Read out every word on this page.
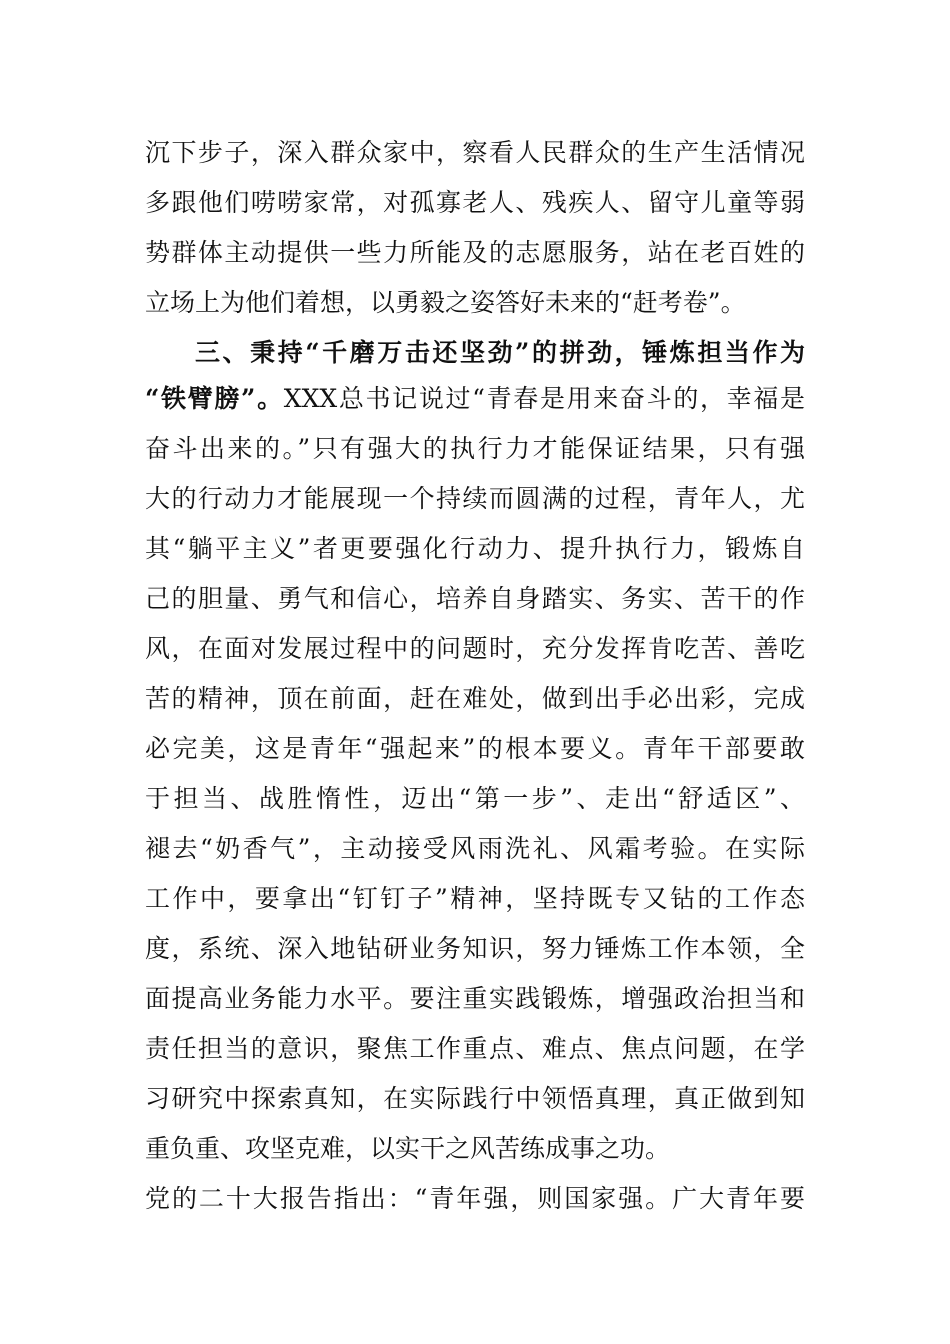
沉下步子，深入群众家中，察看人民群众的生产生活情况
多跟他们唠唠家常，对孤寡老人、残疾人、留守儿童等弱
势群体主动提供一些力所能及的志愿服务，站在老百姓的
立场上为他们着想，以勇毅之姿答好未来的“赶考卷”。
三、秉持“千磨万击还坚劲”的拼劲，锤炼担当作为
“铁臂膀”。XXX总书记说过“青春是用来奋斗的，幸福是
奋斗出来的。”只有强大的执行力才能保证结果，只有强
大的行动力才能展现一个持续而圆满的过程，青年人，尤
其“躺平主义”者更要强化行动力、提升执行力，锻炼自
己的胆量、勇气和信心，培养自身踏实、务实、苦干的作
风，在面对发展过程中的问题时，充分发挥肯吃苦、善吃
苦的精神，顶在前面，赶在难处，做到出手必出彩，完成
必完美，这是青年“强起来”的根本要义。青年干部要敢
于担当、战胜惰性，迈出“第一步”、走出“舒适区”、
褪去“奶香气”，主动接受风雨洗礼、风霜考验。在实际
工作中，要拿出“钉钉子”精神，坚持既专又钻的工作态
度，系统、深入地钻研业务知识，努力锤炼工作本领，全
面提高业务能力水平。要注重实践锻炼，增强政治担当和
责任担当的意识，聚焦工作重点、难点、焦点问题，在学
习研究中探索真知，在实际践行中领悟真理，真正做到知
重负重、攻坚克难，以实干之风苦练成事之功。
党的二十大报告指出：“青年强，则国家强。广大青年要
